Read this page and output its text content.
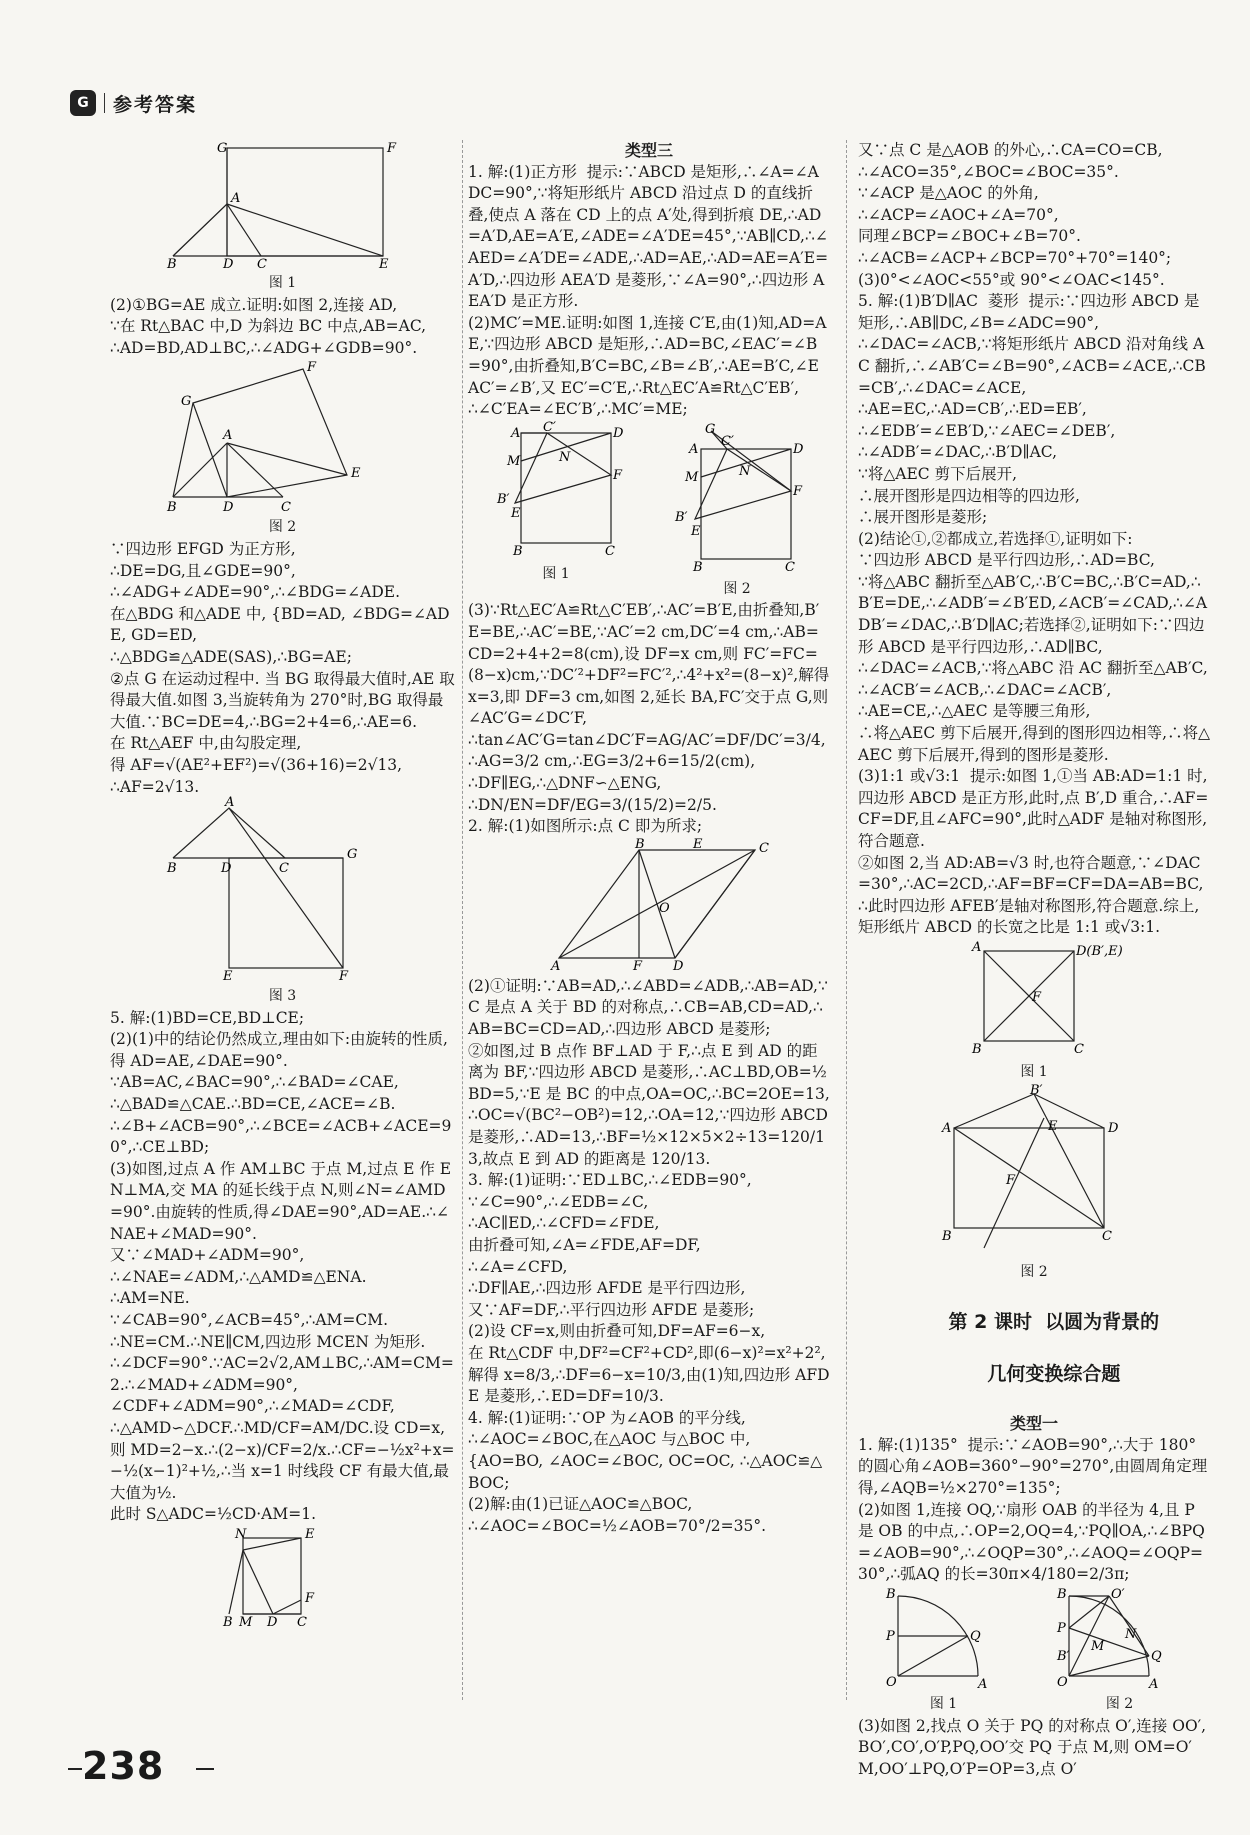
G	参考答案
G	F
A
B	D C	E

图 1

(2)①BG=AE 成立.证明:如图 2,连接 AD,
∵在 Rt△BAC 中,D 为斜边 BC 中点,AB=AC,
∴AD=BD,AD⊥BC,∴∠ADG+∠GDB=90°.

G
F
E
A
B	D	C

图 2

∵四边形 EFGD 为正方形,
∴DE=DG,且∠GDE=90°,
∴∠ADG+∠ADE=90°,∴∠BDG=∠ADE.
在△BDG 和△ADE 中, {BD=AD, ∠BDG=∠ADE, GD=ED,
∴△BDG≌△ADE(SAS),∴BG=AE;
②点 G 在运动过程中. 当 BG 取得最大值时,AE 取得最大值.如图 3,当旋转角为 270°时,BG 取得最大值.∵BC=DE=4,∴BG=2+4=6,∴AE=6.
在 Rt△AEF 中,由勾股定理,
得 AF=√(AE²+EF²)=√(36+16)=2√13,
∴AF=2√13.

A
B	D	C
G
E	F

图 3

5. 解:(1)BD=CE,BD⊥CE;
(2)(1)中的结论仍然成立,理由如下:由旋转的性质,得 AD=AE,∠DAE=90°.
∵AB=AC,∠BAC=90°,∴∠BAD=∠CAE,
∴△BAD≌△CAE.∴BD=CE,∠ACE=∠B.
∴∠B+∠ACB=90°,∴∠BCE=∠ACB+∠ACE=90°,∴CE⊥BD;
(3)如图,过点 A 作 AM⊥BC 于点 M,过点 E 作 EN⊥MA,交 MA 的延长线于点 N,则∠N=∠AMD=90°.由旋转的性质,得∠DAE=90°,AD=AE.∴∠NAE+∠MAD=90°.
又∵∠MAD+∠ADM=90°,
∴∠NAE=∠ADM,∴△AMD≌△ENA.
∴AM=NE.
∵∠CAB=90°,∠ACB=45°,∴AM=CM.
∴NE=CM.∴NE∥CM,四边形 MCEN 为矩形.
∴∠DCF=90°.∵AC=2√2,AM⊥BC,∴AM=CM=2.∴∠MAD+∠ADM=90°,
∠CDF+∠ADM=90°,∴∠MAD=∠CDF,
∴△AMD∽△DCF.∴MD/CF=AM/DC.设 CD=x,则 MD=2−x.∴(2−x)/CF=2/x.∴CF=−½x²+x=−½(x−1)²+½,∴当 x=1 时线段 CF 有最大值,最大值为½.
此时 S△ADC=½CD·AM=1.

N	E
F
B M D C

类型三

1. 解:(1)正方形  提示:∵ABCD 是矩形,∴∠A=∠ADC=90°,∵将矩形纸片 ABCD 沿过点 D 的直线折叠,使点 A 落在 CD 上的点 A′处,得到折痕 DE,∴AD=A′D,AE=A′E,∠ADE=∠A′DE=45°,∵AB∥CD,∴∠AED=∠A′DE=∠ADE,∴AD=AE,∴AD=AE=A′E=A′D,∴四边形 AEA′D 是菱形,∵∠A=90°,∴四边形 AEA′D 是正方形.
(2)MC′=ME.证明:如图 1,连接 C′E,由(1)知,AD=AE,∵四边形 ABCD 是矩形,∴AD=BC,∠EAC′=∠B=90°,由折叠知,B′C=BC,∠B=∠B′,∴AE=B′C,∠EAC′=∠B′,又 EC′=C′E,∴Rt△EC′A≌Rt△C′EB′,
∴∠C′EA=∠EC′B′,∴MC′=ME;

A C′	D
M	N
F
B′
E
B	C

图 1

G
A
C′
D
M	N
F
B′
E
B	C

图 2

(3)∵Rt△EC′A≌Rt△C′EB′,∴AC′=B′E,由折叠知,B′E=BE,∴AC′=BE,∵AC′=2 cm,DC′=4 cm,∴AB=CD=2+4+2=8(cm),设 DF=x cm,则 FC′=FC=(8−x)cm,∵DC′²+DF²=FC′²,∴4²+x²=(8−x)²,解得 x=3,即 DF=3 cm,如图 2,延长 BA,FC′交于点 G,则∠AC′G=∠DC′F,
∴tan∠AC′G=tan∠DC′F=AG/AC′=DF/DC′=3/4,
∴AG=3/2 cm,∴EG=3/2+6=15/2(cm),
∴DF∥EG,∴△DNF∽△ENG,
∴DN/EN=DF/EG=3/(15/2)=2/5.

2. 解:(1)如图所示:点 C 即为所求;

B	E	C
O
A	F D

(2)①证明:∵AB=AD,∴∠ABD=∠ADB,∴AB=AD,∵C 是点 A 关于 BD 的对称点,∴CB=AB,CD=AD,∴AB=BC=CD=AD,∴四边形 ABCD 是菱形;
②如图,过 B 点作 BF⊥AD 于 F,∴点 E 到 AD 的距离为 BF,∵四边形 ABCD 是菱形,∴AC⊥BD,OB=½BD=5,∵E 是 BC 的中点,OA=OC,∴BC=2OE=13,∴OC=√(BC²−OB²)=12,∴OA=12,∵四边形 ABCD 是菱形,∴AD=13,∴BF=½×12×5×2÷13=120/13,故点 E 到 AD 的距离是 120/13.

3. 解:(1)证明:∵ED⊥BC,∴∠EDB=90°,
∵∠C=90°,∴∠EDB=∠C,
∴AC∥ED,∴∠CFD=∠FDE,
由折叠可知,∠A=∠FDE,AF=DF,
∴∠A=∠CFD,
∴DF∥AE,∴四边形 AFDE 是平行四边形,
又∵AF=DF,∴平行四边形 AFDE 是菱形;
(2)设 CF=x,则由折叠可知,DF=AF=6−x,
在 Rt△CDF 中,DF²=CF²+CD²,即(6−x)²=x²+2²,解得 x=8/3,∴DF=6−x=10/3,由(1)知,四边形 AFDE 是菱形,∴ED=DF=10/3.

4. 解:(1)证明:∵OP 为∠AOB 的平分线,
∴∠AOC=∠BOC,在△AOC 与△BOC 中,
{AO=BO, ∠AOC=∠BOC, OC=OC, ∴△AOC≌△BOC;
(2)解:由(1)已证△AOC≌△BOC,
∴∠AOC=∠BOC=½∠AOB=70°/2=35°.

又∵点 C 是△AOB 的外心,∴CA=CO=CB,
∴∠ACO=35°,∠BOC=∠BOC=35°.
∵∠ACP 是△AOC 的外角,
∴∠ACP=∠AOC+∠A=70°,
同理∠BCP=∠BOC+∠B=70°.
∴∠ACB=∠ACP+∠BCP=70°+70°=140°;
(3)0°<∠AOC<55°或 90°<∠OAC<145°.
5. 解:(1)B′D∥AC  菱形  提示:∵四边形 ABCD 是矩形,∴AB∥DC,∠B=∠ADC=90°,
∴∠DAC=∠ACB,∵将矩形纸片 ABCD 沿对角线 AC 翻折,∴∠AB′C=∠B=90°,∠ACB=∠ACE,∴CB=CB′,∴∠DAC=∠ACE,
∴AE=EC,∴AD=CB′,∴ED=EB′,
∴∠EDB′=∠EB′D,∵∠AEC=∠DEB′,
∴∠ADB′=∠DAC,∴B′D∥AC,
∵将△AEC 剪下后展开,
∴展开图形是四边相等的四边形,
∴展开图形是菱形;
(2)结论①,②都成立,若选择①,证明如下:
∵四边形 ABCD 是平行四边形,∴AD=BC,
∵将△ABC 翻折至△AB′C,∴B′C=BC,∴B′C=AD,∴B′E=DE,∴∠ADB′=∠B′ED,∠ACB′=∠CAD,∴∠ADB′=∠DAC,∴B′D∥AC;若选择②,证明如下:∵四边形 ABCD 是平行四边形,∴AD∥BC,
∴∠DAC=∠ACB,∵将△ABC 沿 AC 翻折至△AB′C,∴∠ACB′=∠ACB,∴∠DAC=∠ACB′,
∴AE=CE,∴△AEC 是等腰三角形,
∴将△AEC 剪下后展开,得到的图形四边相等,∴将△AEC 剪下后展开,得到的图形是菱形.
(3)1:1 或√3:1  提示:如图 1,①当 AB:AD=1:1 时,四边形 ABCD 是正方形,此时,点 B′,D 重合,∴AF=CF=DF,且∠AFC=90°,此时△ADF 是轴对称图形,符合题意.
②如图 2,当 AD:AB=√3 时,也符合题意,∵∠DAC=30°,∴AC=2CD,∴AF=BF=CF=DA=AB=BC,∴此时四边形 AFEB′是轴对称图形,符合题意.综上,矩形纸片 ABCD 的长宽之比是 1:1 或√3:1.

A	D(B′,E)
F
B	C

图 1

B′
A	E	D
F
B	C

图 2

第 2 课时  以圆为背景的

几何变换综合题

类型一

1. 解:(1)135°  提示:∵∠AOB=90°,∴大于 180°的圆心角∠AOB=360°−90°=270°,由圆周角定理得,∠AQB=½×270°=135°;
(2)如图 1,连接 OQ,∵扇形 OAB 的半径为 4,且 P 是 OB 的中点,∴OP=2,OQ=4,∵PQ∥OA,∴∠BPQ=∠AOB=90°,∴∠OQP=30°,∴∠AOQ=∠OQP=30°,∴弧AQ 的长=30π×4/180=2/3π;

B
P	Q
O	A

图 1

B	O′
P
M
N
B′	Q
O	A

图 2

(3)如图 2,找点 O 关于 PQ 的对称点 O′,连接 OO′,BO′,CO′,O′P,PQ,OO′交 PQ 于点 M,则 OM=O′M,OO′⊥PQ,O′P=OP=3,点 O′

238
